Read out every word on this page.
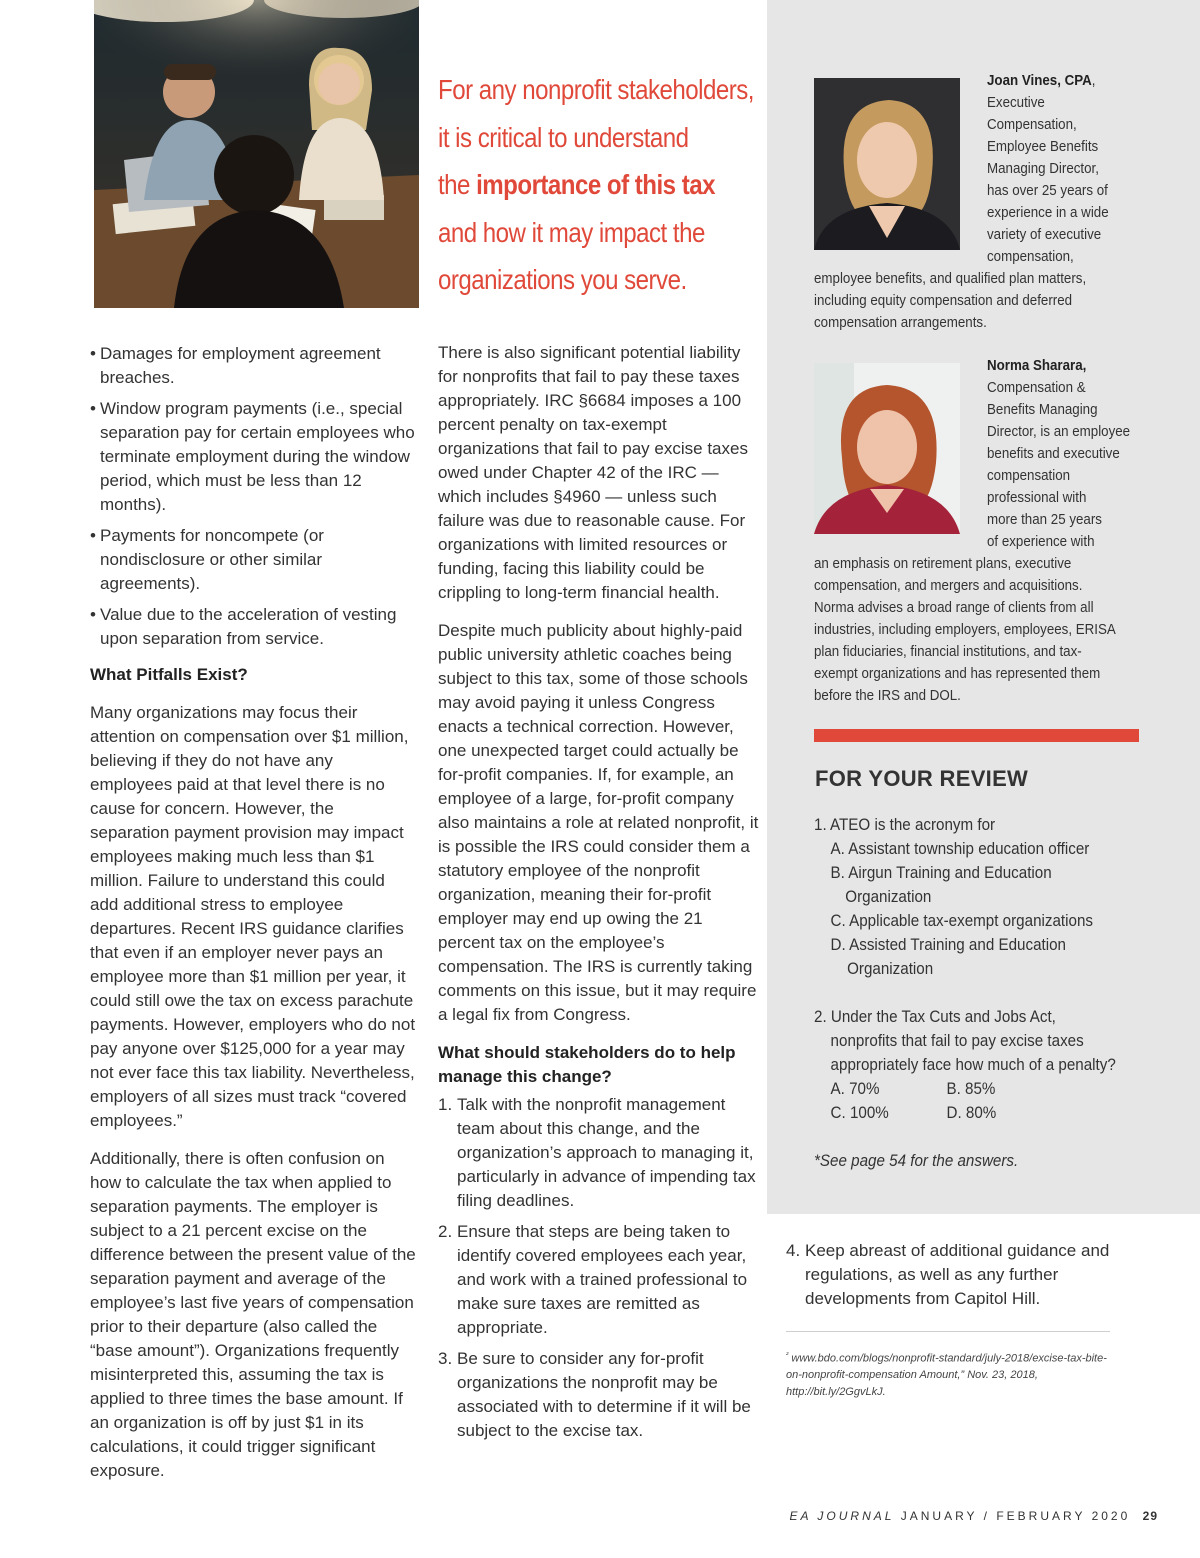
For any nonprofit stakeholders,
it is critical to understand
the importance of this tax
and how it may impact the
organizations you serve.
• Damages for employment agreement breaches.
• Window program payments (i.e., special separation pay for certain employees who terminate employment during the window period, which must be less than 12 months).
• Payments for noncompete (or nondisclosure or other similar agreements).
• Value due to the acceleration of vesting upon separation from service.

What Pitfalls Exist?

Many organizations may focus their attention on compensation over $1 million, believing if they do not have any employees paid at that level there is no cause for concern. However, the separation payment provision may impact employees making much less than $1 million. Failure to understand this could add additional stress to employee departures. Recent IRS guidance clarifies that even if an employer never pays an employee more than $1 million per year, it could still owe the tax on excess parachute payments. However, employers who do not pay anyone over $125,000 for a year may not ever face this tax liability. Nevertheless, employers of all sizes must track “covered employees.”

Additionally, there is often confusion on how to calculate the tax when applied to separation payments. The employer is subject to a 21 percent excise on the difference between the present value of the separation payment and average of the employee’s last five years of compensation prior to their departure (also called the “base amount”). Organizations frequently misinterpreted this, assuming the tax is applied to three times the base amount. If an organization is off by just $1 in its calculations, it could trigger significant exposure.

There is also significant potential liability for nonprofits that fail to pay these taxes appropriately. IRC §6684 imposes a 100 percent penalty on tax-exempt organizations that fail to pay excise taxes owed under Chapter 42 of the IRC — which includes §4960 — unless such failure was due to reasonable cause. For organizations with limited resources or funding, facing this liability could be crippling to long-term financial health.

Despite much publicity about highly-paid public university athletic coaches being subject to this tax, some of those schools may avoid paying it unless Congress enacts a technical correction. However, one unexpected target could actually be for-profit companies. If, for example, an employee of a large, for-profit company also maintains a role at related nonprofit, it is possible the IRS could consider them a statutory employee of the nonprofit organization, meaning their for-profit employer may end up owing the 21 percent tax on the employee’s compensation. The IRS is currently taking comments on this issue, but it may require a legal fix from Congress.

What should stakeholders do to help manage this change?

1. Talk with the nonprofit management team about this change, and the organization’s approach to managing it, particularly in advance of impending tax filing deadlines.
2. Ensure that steps are being taken to identify covered employees each year, and work with a trained professional to make sure taxes are remitted as appropriate.
3. Be sure to consider any for-profit organizations the nonprofit may be associated with to determine if it will be subject to the excise tax.
Joan Vines, CPA,
Executive
Compensation,
Employee Benefits
Managing Director,
has over 25 years of
experience in a wide
variety of executive
compensation,
employee benefits, and qualified plan matters,
including equity compensation and deferred
compensation arrangements.
Norma Sharara,
Compensation &
Benefits Managing
Director, is an employee
benefits and executive
compensation
professional with
more than 25 years
of experience with
an emphasis on retirement plans, executive
compensation, and mergers and acquisitions.
Norma advises a broad range of clients from all
industries, including employers, employees, ERISA
plan fiduciaries, financial institutions, and tax-
exempt organizations and has represented them
before the IRS and DOL.
FOR YOUR REVIEW
1. ATEO is the acronym for
A. Assistant township education officer
B. Airgun Training and Education
Organization
C. Applicable tax-exempt organizations
D. Assisted Training and Education
Organization
2. Under the Tax Cuts and Jobs Act,
nonprofits that fail to pay excise taxes
appropriately face how much of a penalty?
A. 70%	B. 85%
C. 100%	D. 80%
*See page 54 for the answers.
4. Keep abreast of additional guidance and regulations, as well as any further developments from Capitol Hill.
$^{^2}$ www.bdo.com/blogs/nonprofit-standard/july-2018/excise-tax-bite-on-nonprofit-compensation Amount,” Nov. 23, 2018, http://bit.ly/2GgvLkJ.
EA JOURNAL JANUARY / FEBRUARY 2020 29
